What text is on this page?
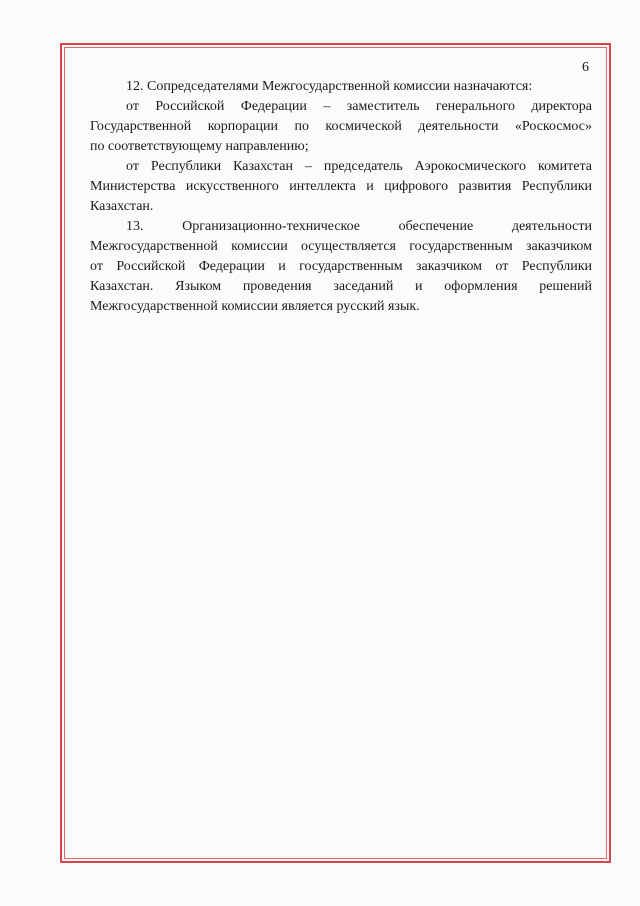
6

12. Сопредседателями Межгосударственной комиссии назначаются:

от Российской Федерации – заместитель генерального директора
Государственной корпорации по космической деятельности «Роскосмос»
по соответствующему направлению;

от Республики Казахстан – председатель Аэрокосмического комитета
Министерства искусственного интеллекта и цифрового развития Республики
Казахстан.

13. Организационно-техническое обеспечение деятельности
Межгосударственной комиссии осуществляется государственным заказчиком
от Российской Федерации и государственным заказчиком от Республики
Казахстан. Языком проведения заседаний и оформления решений
Межгосударственной комиссии является русский язык.
